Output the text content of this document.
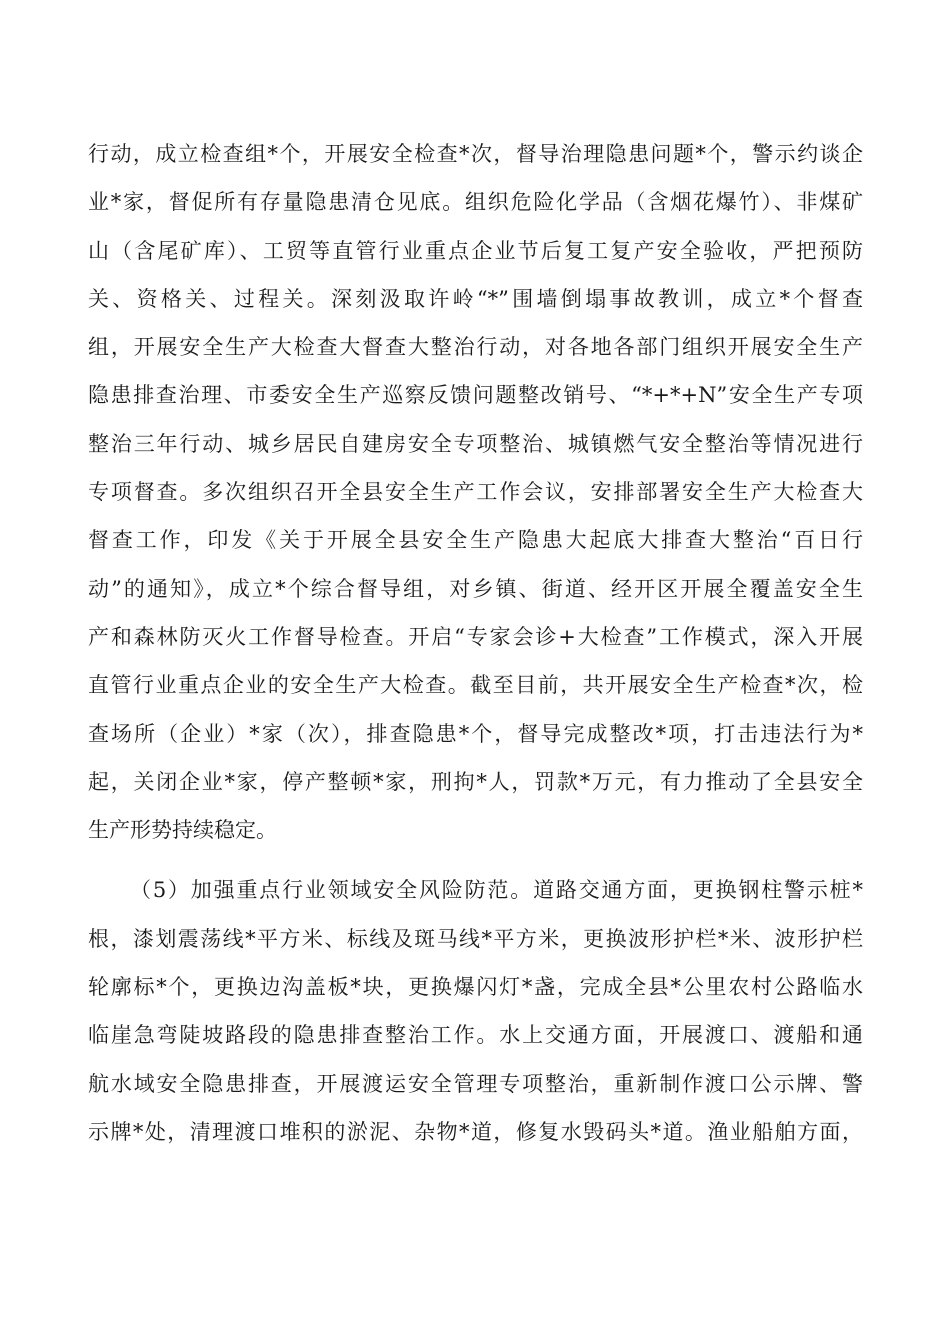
行动，成立检查组*个，开展安全检查*次，督导治理隐患问题*个，警示约谈企
业*家，督促所有存量隐患清仓见底。组织危险化学品（含烟花爆竹）、非煤矿
山（含尾矿库）、工贸等直管行业重点企业节后复工复产安全验收，严把预防
关、资格关、过程关。深刻汲取许岭“*”围墙倒塌事故教训，成立*个督查
组，开展安全生产大检查大督查大整治行动，对各地各部门组织开展安全生产
隐患排查治理、市委安全生产巡察反馈问题整改销号、“*+*+N”安全生产专项
整治三年行动、城乡居民自建房安全专项整治、城镇燃气安全整治等情况进行
专项督查。多次组织召开全县安全生产工作会议，安排部署安全生产大检查大
督查工作，印发《关于开展全县安全生产隐患大起底大排查大整治“百日行
动”的通知》，成立*个综合督导组，对乡镇、街道、经开区开展全覆盖安全生
产和森林防灭火工作督导检查。开启“专家会诊+大检查”工作模式，深入开展
直管行业重点企业的安全生产大检查。截至目前，共开展安全生产检查*次，检
查场所（企业）*家（次），排查隐患*个，督导完成整改*项，打击违法行为*
起，关闭企业*家，停产整顿*家，刑拘*人，罚款*万元，有力推动了全县安全
生产形势持续稳定。
（5）加强重点行业领域安全风险防范。道路交通方面，更换钢柱警示桩*
根，漆划震荡线*平方米、标线及斑马线*平方米，更换波形护栏*米、波形护栏
轮廓标*个，更换边沟盖板*块，更换爆闪灯*盏，完成全县*公里农村公路临水
临崖急弯陡坡路段的隐患排查整治工作。水上交通方面，开展渡口、渡船和通
航水域安全隐患排查，开展渡运安全管理专项整治，重新制作渡口公示牌、警
示牌*处，清理渡口堆积的淤泥、杂物*道，修复水毁码头*道。渔业船舶方面，
